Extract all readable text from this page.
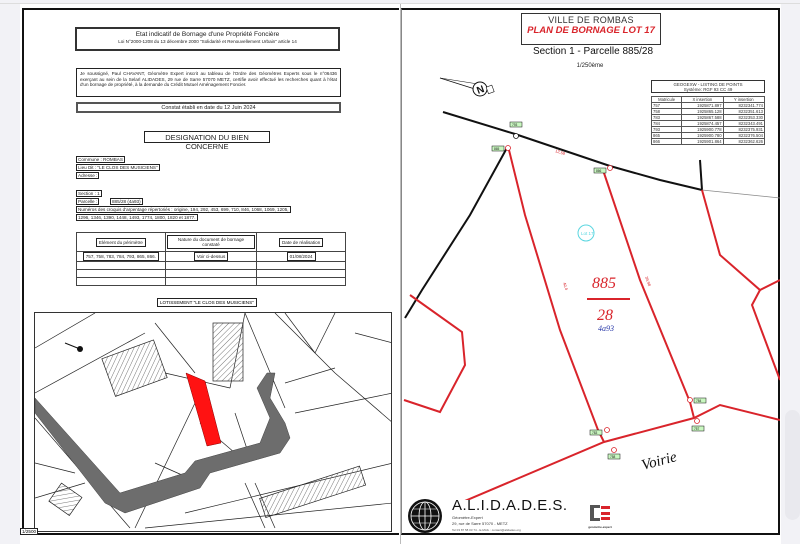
Etat indicatif de Bornage d'une Propriété Foncière
Loi N°2000-1208 du 13 décembre 2000 "Solidarité et Renouvellement Urbain" article 14
Je soussigné, Paul CHAVANT, Géomètre Expert inscrit au tableau de l'Ordre des Géomètres Experts sous le n°06436 exerçant au sein de la Selarl ALIDADES, 29 rue de Sarre 57070 METZ, certifie avoir effectué les recherches quant à l'état d'un bornage de propriété, à la demande du Crédit Mutuel Aménagement Foncier.
Constat établi en date du 12 Juin 2024
DESIGNATION DU BIEN CONCERNE
Commune : ROMBAS
Lieu Dit : "LE CLOS DES MUSICIENS"
Adresse :
Section : 1
Parcelle :	885/28 (4a93)
Numéros des croquis d'arpentage répertoriés : origine, 194, 292, 453, 699, 710, 846, 1068, 1069, 1205,
1296, 1346, 1390, 1448, 1493, 1774, 1800, 1820 et 1877.
Elément du périmètre	Nature du document de bornage constaté	Date de réalisation
757, 758, 783, 784, 793, 865, 866.	Voir ci-dessus	01/08/2024

LOTISSEMENT "LE CLOS DES MUSICIENS"
1/2500
VILLE DE ROMBAS
PLAN DE BORNAGE LOT 17
Section 1 - Parcelle 885/28
1/250ème
GEOGEXW - LISTING DE POINTS
Système: RGF 93 CC 49
Matricule	X insertion	Y insertion
757	1925871.897	8232341.774
758	1925865.128	8232351.613
783	1925867.588	8232353.330
784	1925874.457	8232343.491
793	1925900.778	8232375.931
865	1925900.780	8232376.504
866	1925901.864	8232362.626
N
12,58
40,4	39,98
Lot 17
885
28
4a93
Voirie
793
865
866
783
758
784
757
A.L.I.D.A.D.E.S.
Géomètre-Expert
29, rue de Sarre 57070 - METZ
Tel 03 87 58 03 74 - E-MAIL : contact@alidades.org
géomètre-expert
